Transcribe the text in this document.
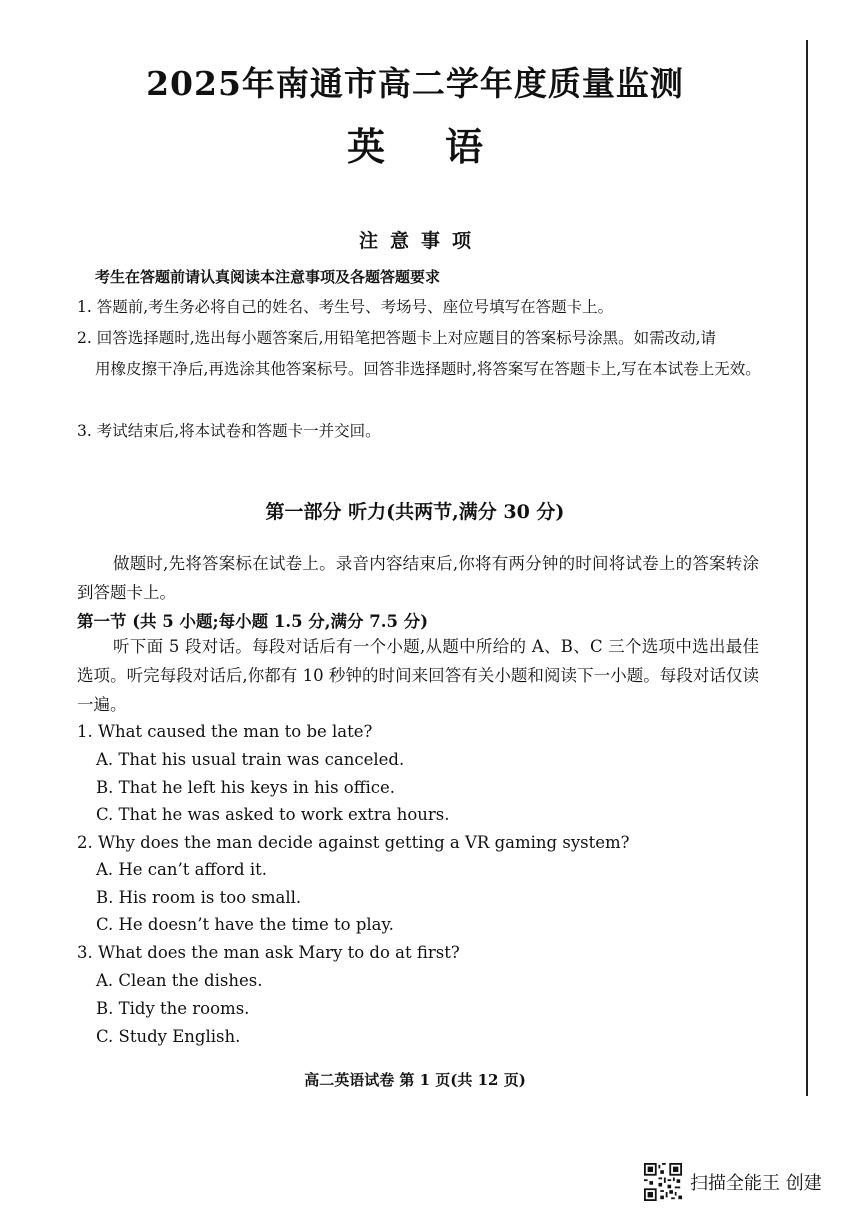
2025年南通市高二学年度质量监测
英语
注意事项
考生在答题前请认真阅读本注意事项及各题答题要求
1. 答题前,考生务必将自己的姓名、考生号、考场号、座位号填写在答题卡上。
2. 回答选择题时,选出每小题答案后,用铅笔把答题卡上对应题目的答案标号涂黑。如需改动,请
用橡皮擦干净后,再选涂其他答案标号。回答非选择题时,将答案写在答题卡上,写在本试卷上无效。
3. 考试结束后,将本试卷和答题卡一并交回。
第一部分 听力(共两节,满分 30 分)
做题时,先将答案标在试卷上。录音内容结束后,你将有两分钟的时间将试卷上的答案转涂到答题卡上。
第一节 (共 5 小题;每小题 1.5 分,满分 7.5 分)
听下面 5 段对话。每段对话后有一个小题,从题中所给的 A、B、C 三个选项中选出最佳选项。听完每段对话后,你都有 10 秒钟的时间来回答有关小题和阅读下一小题。每段对话仅读一遍。
1. What caused the man to be late?
A. That his usual train was canceled.
B. That he left his keys in his office.
C. That he was asked to work extra hours.
2. Why does the man decide against getting a VR gaming system?
A. He can’t afford it.
B. His room is too small.
C. He doesn’t have the time to play.
3. What does the man ask Mary to do at first?
A. Clean the dishes.
B. Tidy the rooms.
C. Study English.
高二英语试卷 第 1 页(共 12 页)
扫描全能王 创建
